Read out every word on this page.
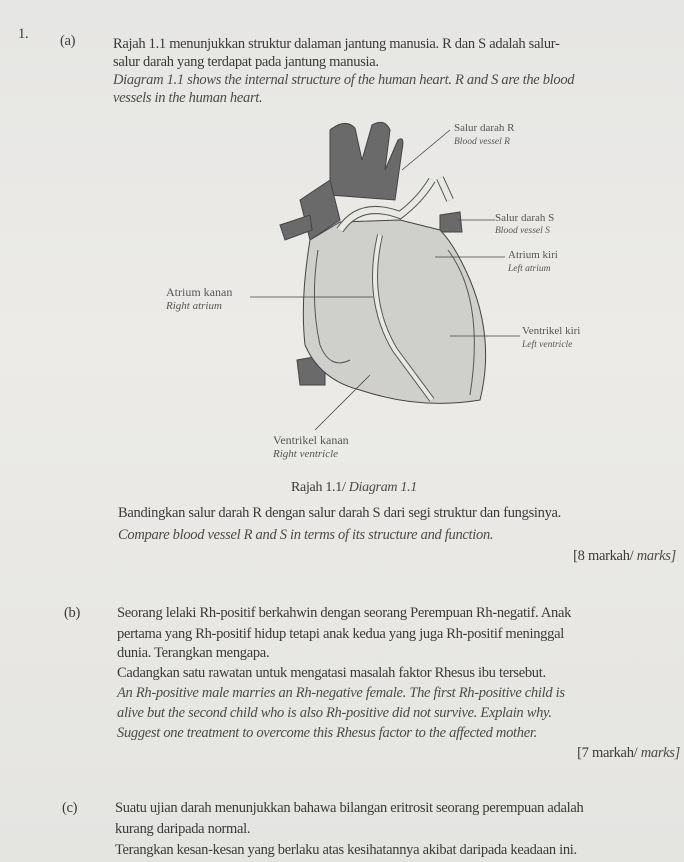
1. (a)	Rajah 1.1 menunjukkan struktur dalaman jantung manusia. R dan S adalah salur-
salur darah yang terdapat pada jantung manusia.
Diagram 1.1 shows the internal structure of the human heart. R and S are the blood
vessels in the human heart.
Salur darah R
Blood vessel R
Salur darah S
Blood vessel S
Atrium kiri
Left atrium
Atrium kanan
Right atrium
Ventrikel kiri
Left ventricle
Ventrikel kanan
Right ventricle
Rajah 1.1/ Diagram 1.1
Bandingkan salur darah R dengan salur darah S dari segi struktur dan fungsinya.
Compare blood vessel R and S in terms of its structure and function.
[8 markah/ marks]
(b)	Seorang lelaki Rh-positif berkahwin dengan seorang Perempuan Rh-negatif. Anak
pertama yang Rh-positif hidup tetapi anak kedua yang juga Rh-positif meninggal
dunia. Terangkan mengapa.
Cadangkan satu rawatan untuk mengatasi masalah faktor Rhesus ibu tersebut.
An Rh-positive male marries an Rh-negative female. The first Rh-positive child is
alive but the second child who is also Rh-positive did not survive. Explain why.
Suggest one treatment to overcome this Rhesus factor to the affected mother.
[7 markah/ marks]
(c)	Suatu ujian darah menunjukkan bahawa bilangan eritrosit seorang perempuan adalah
kurang daripada normal.
Terangkan kesan-kesan yang berlaku atas kesihatannya akibat daripada keadaan ini.
